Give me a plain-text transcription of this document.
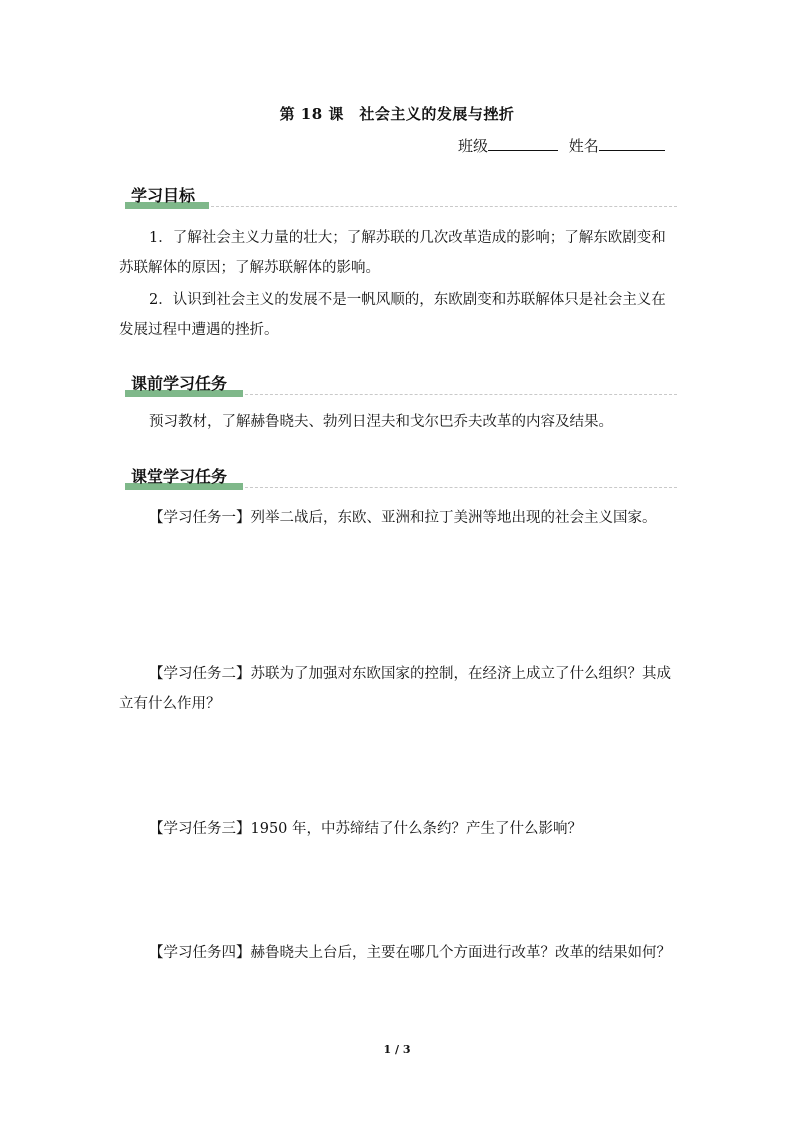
第 18 课　社会主义的发展与挫折
班级	姓名
学习目标
1．了解社会主义力量的壮大；了解苏联的几次改革造成的影响；了解东欧剧变和苏联解体的原因；了解苏联解体的影响。
2．认识到社会主义的发展不是一帆风顺的，东欧剧变和苏联解体只是社会主义在发展过程中遭遇的挫折。
课前学习任务
预习教材，了解赫鲁晓夫、勃列日涅夫和戈尔巴乔夫改革的内容及结果。
课堂学习任务
【学习任务一】列举二战后，东欧、亚洲和拉丁美洲等地出现的社会主义国家。
【学习任务二】苏联为了加强对东欧国家的控制，在经济上成立了什么组织？其成立有什么作用？
【学习任务三】1950 年，中苏缔结了什么条约？产生了什么影响？
【学习任务四】赫鲁晓夫上台后，主要在哪几个方面进行改革？改革的结果如何？
1 / 3
